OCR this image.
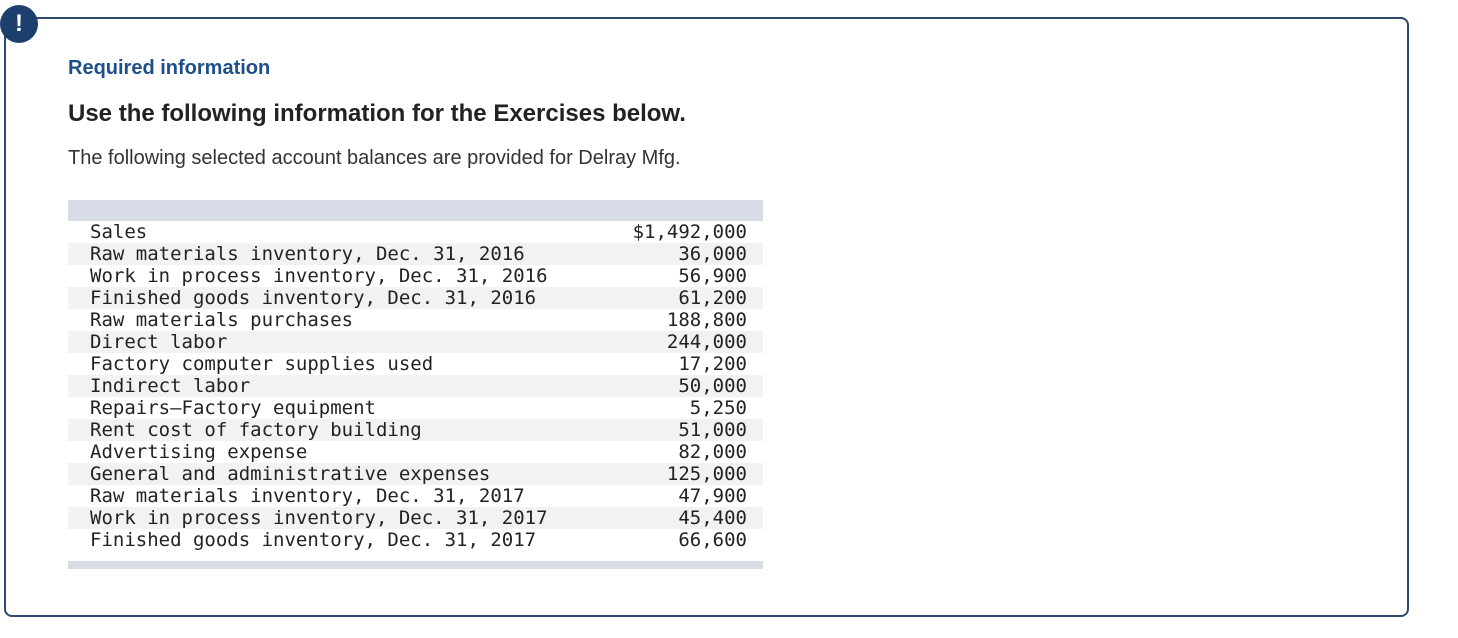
!
Required information
Use the following information for the Exercises below.

The following selected account balances are provided for Delray Mfg.

Sales	$1,492,000
Raw materials inventory, Dec. 31, 2016	36,000
Work in process inventory, Dec. 31, 2016	56,900
Finished goods inventory, Dec. 31, 2016	61,200
Raw materials purchases	188,800
Direct labor	244,000
Factory computer supplies used	17,200
Indirect labor	50,000
Repairs—Factory equipment	5,250
Rent cost of factory building	51,000
Advertising expense	82,000
General and administrative expenses	125,000
Raw materials inventory, Dec. 31, 2017	47,900
Work in process inventory, Dec. 31, 2017	45,400
Finished goods inventory, Dec. 31, 2017	66,600
